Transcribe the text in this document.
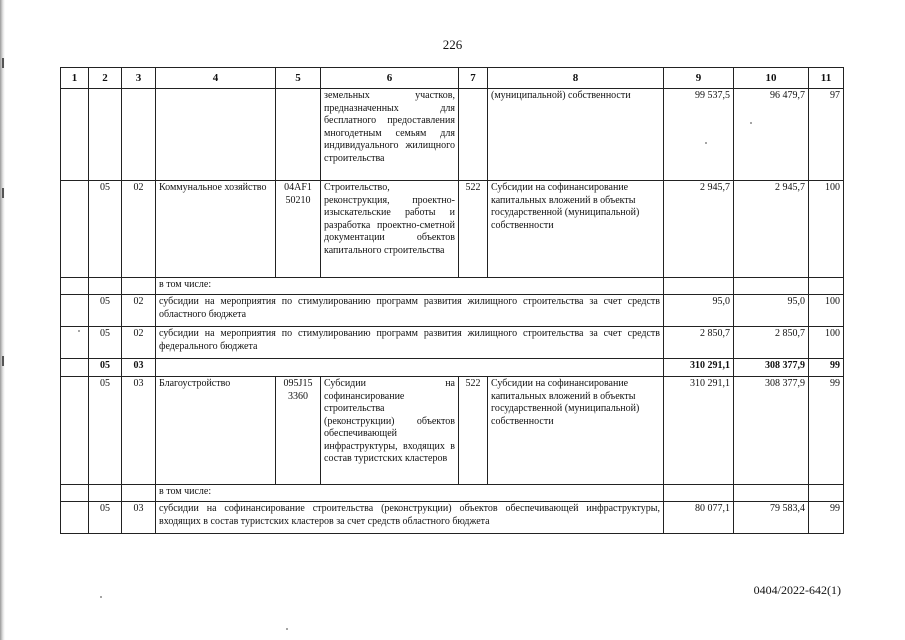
226
1	2	3	4	5	6	7	8	9	10	11
					земельных участков, предназначенных для бесплатного предоставления многодетным семьям для индивидуального жилищного строительства		(муниципальной) собственности	99 537,5	96 479,7	97
	05	02	Коммунальное хозяйство	04AF1 50210	Строительство, реконструкция, проектно-изыскательские работы и разработка проектно-сметной документации объектов капитального строительства	522	Субсидии на софинансирование капитальных вложений в объекты государственной (муниципальной) собственности	2 945,7	2 945,7	100
			в том числе:							
	05	02	субсидии на мероприятия по стимулированию программ развития жилищного строительства за счет средств областного бюджета					95,0	95,0	100
	05	02	субсидии на мероприятия по стимулированию программ развития жилищного строительства за счет средств федерального бюджета					2 850,7	2 850,7	100
	05	03						310 291,1	308 377,9	99
	05	03	Благоустройство	095J15 3360	Субсидии на софинансирование строительства (реконструкции) объектов обеспечивающей инфраструктуры, входящих в состав туристских кластеров	522	Субсидии на софинансирование капитальных вложений в объекты государственной (муниципальной) собственности	310 291,1	308 377,9	99
			в том числе:							
	05	03	субсидии на софинансирование строительства (реконструкции) объектов обеспечивающей инфраструктуры, входящих в состав туристских кластеров за счет средств областного бюджета					80 077,1	79 583,4	99
0404/2022-642(1)
